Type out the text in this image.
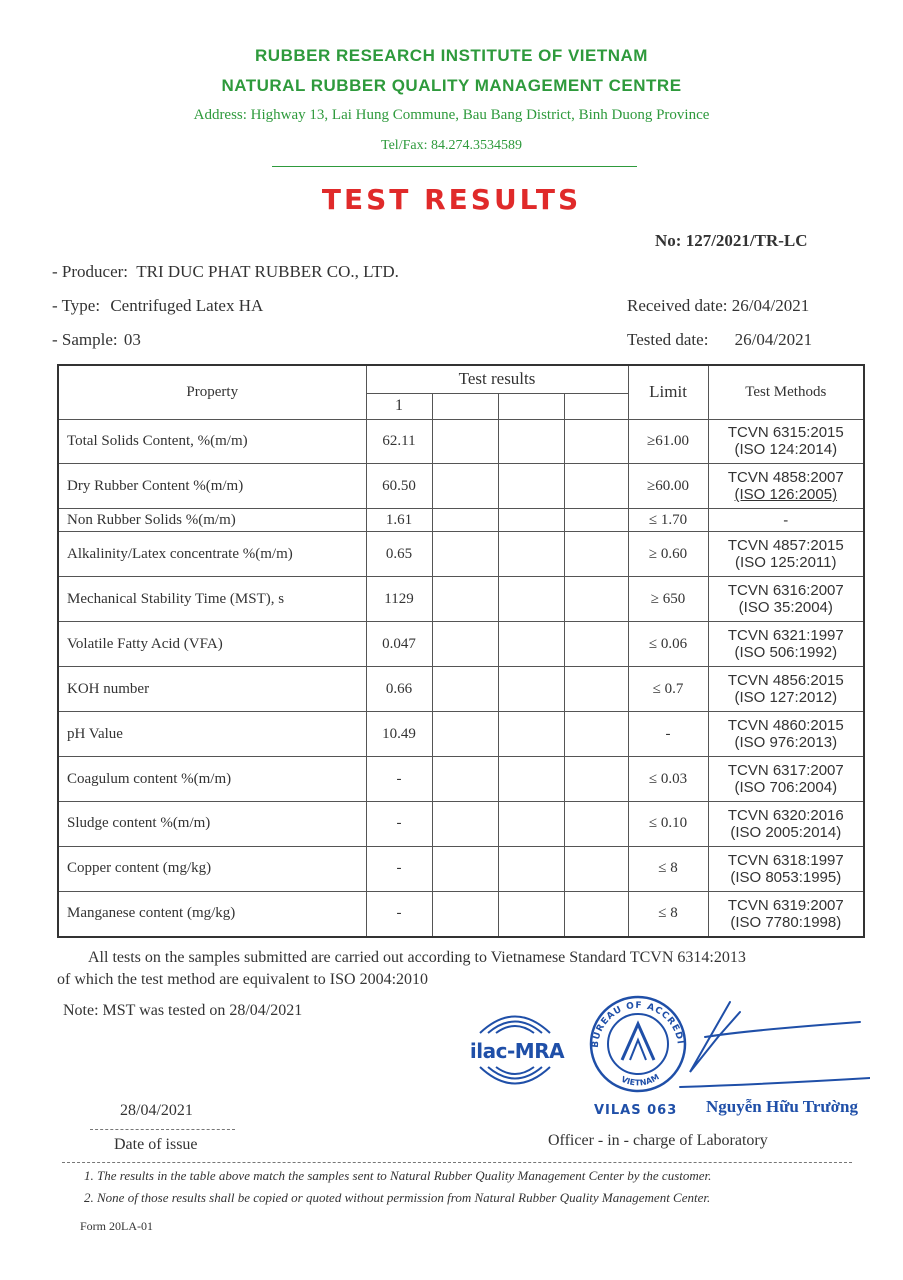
RUBBER RESEARCH INSTITUTE OF VIETNAM
NATURAL RUBBER QUALITY MANAGEMENT CENTRE
Address: Highway 13, Lai Hung Commune, Bau Bang District, Binh Duong Province
Tel/Fax: 84.274.3534589
TEST RESULTS
No: 127/2021/TR-LC
- Producer: TRI DUC PHAT RUBBER CO., LTD.
- Type: Centrifuged Latex HA
- Sample: 03
Received date: 26/04/2021
Tested date: 26/04/2021
Property	Test results				Limit	Test Methods
	1					
Total Solids Content, %(m/m)	62.11				≥61.00	TCVN 6315:2015
(ISO 124:2014)

Dry Rubber Content %(m/m)	60.50				≥60.00	TCVN 4858:2007
(ISO 126:2005)

Non Rubber Solids %(m/m)	1.61				≤ 1.70	-

Alkalinity/Latex concentrate %(m/m)	0.65				≥ 0.60	TCVN 4857:2015
(ISO 125:2011)

Mechanical Stability Time (MST), s	1129				≥ 650	TCVN 6316:2007
(ISO 35:2004)

Volatile Fatty Acid (VFA)	0.047				≤ 0.06	TCVN 6321:1997
(ISO 506:1992)

KOH number	0.66				≤ 0.7	TCVN 4856:2015
(ISO 127:2012)

pH Value	10.49				-	TCVN 4860:2015
(ISO 976:2013)

Coagulum content %(m/m)	-				≤ 0.03	TCVN 6317:2007
(ISO 706:2004)

Sludge content %(m/m)	-				≤ 0.10	TCVN 6320:2016
(ISO 2005:2014)

Copper content (mg/kg)	-				≤ 8	TCVN 6318:1997
(ISO 8053:1995)

Manganese content (mg/kg)	-				≤ 8	TCVN 6319:2007
(ISO 7780:1998)
All tests on the samples submitted are carried out according to Vietnamese Standard TCVN 6314:2013
of which the test method are equivalent to ISO 2004:2010
Note: MST was tested on 28/04/2021
ilac-MRA	BUREAU OF ACCREDI
VIETNAM
VILAS 063 Nguyễn Hữu Trường
28/04/2021
Date of issue	Officer - in - charge of Laboratory
1. The results in the table above match the samples sent to Natural Rubber Quality Management Center by the customer.
2. None of those results shall be copied or quoted without permission from Natural Rubber Quality Management Center.
Form 20LA-01
